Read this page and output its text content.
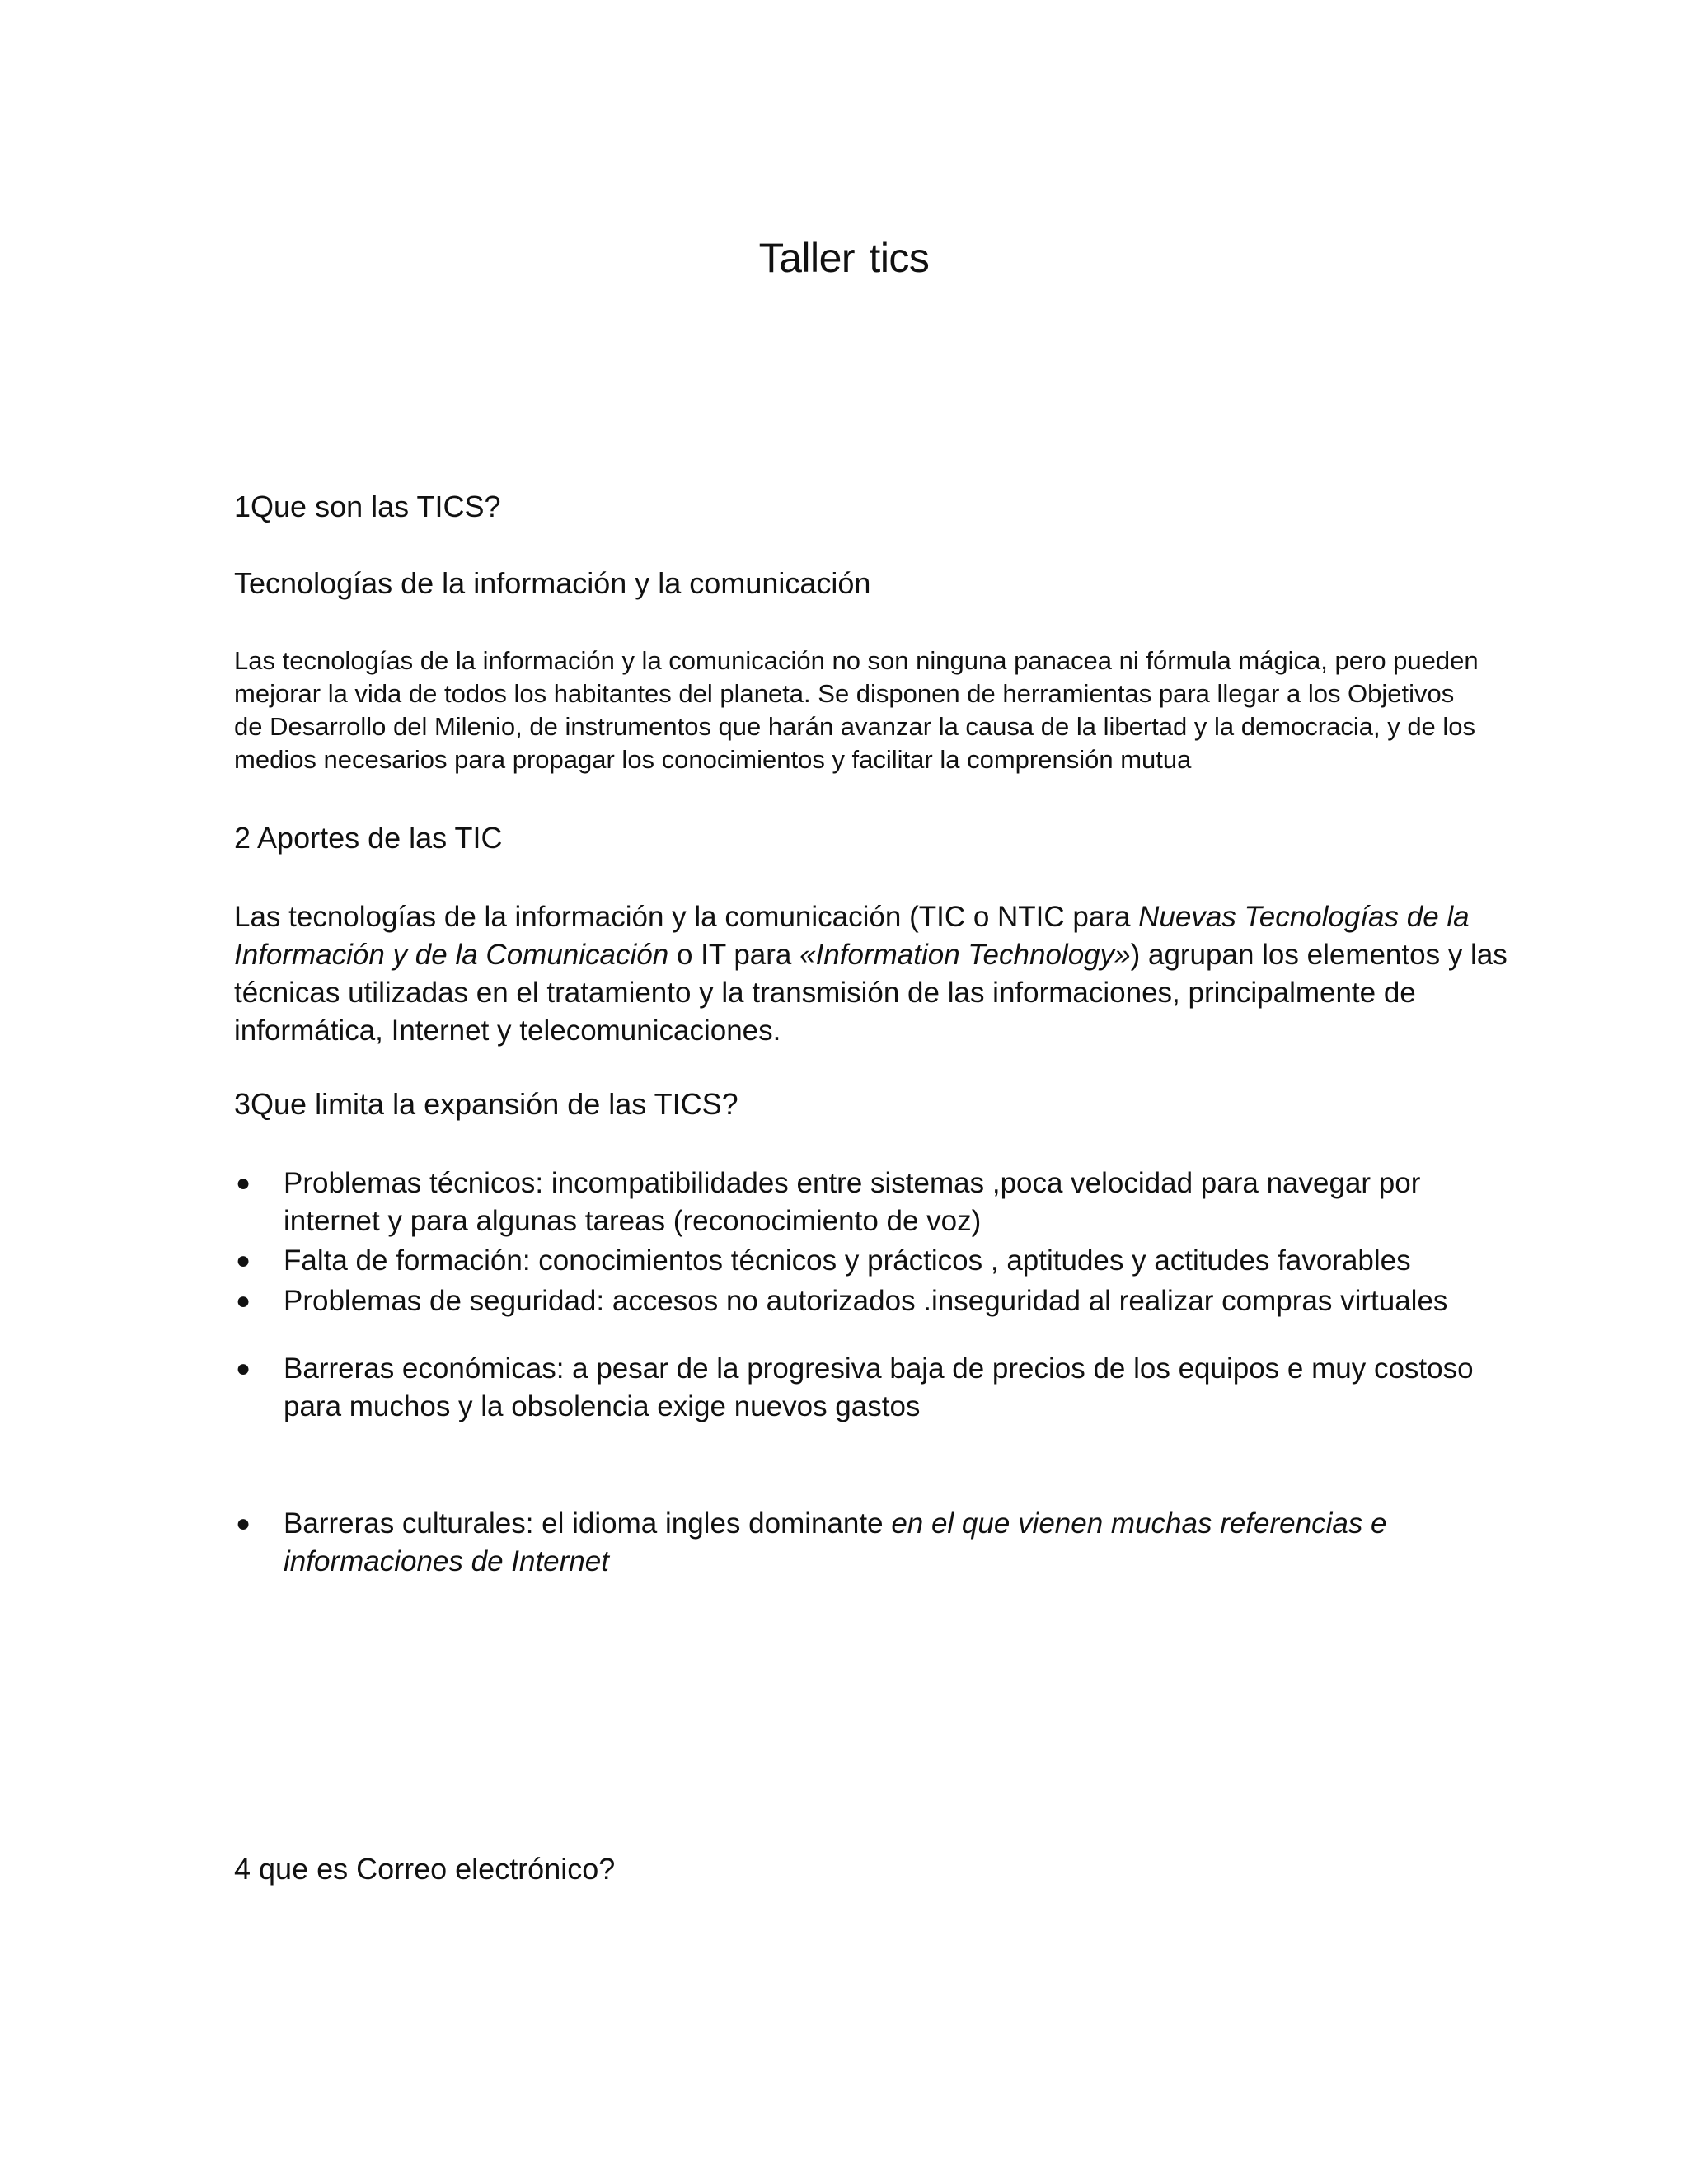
Taller tics
1Que son las TICS?
Tecnologías de la información y la comunicación
Las tecnologías de la información y la comunicación no son ninguna panacea ni fórmula mágica, pero pueden
mejorar la vida de todos los habitantes del planeta. Se disponen de herramientas para llegar a los Objetivos
de Desarrollo del Milenio, de instrumentos que harán avanzar la causa de la libertad y la democracia, y de los
medios necesarios para propagar los conocimientos y facilitar la comprensión mutua
2 Aportes de las TIC
Las tecnologías de la información y la comunicación (TIC o NTIC para Nuevas Tecnologías de la
Información y de la Comunicación o IT para «Information Technology») agrupan los elementos y las
técnicas utilizadas en el tratamiento y la transmisión de las informaciones, principalmente de
informática, Internet y telecomunicaciones.
3Que limita la expansión de las TICS?
● Problemas técnicos: incompatibilidades entre sistemas ,poca velocidad para navegar por
internet y para algunas tareas (reconocimiento de voz)
● Falta de formación: conocimientos técnicos y prácticos , aptitudes y actitudes favorables
● Problemas de seguridad: accesos no autorizados .inseguridad al realizar compras virtuales
● Barreras económicas: a pesar de la progresiva baja de precios de los equipos e muy costoso
para muchos y la obsolencia exige nuevos gastos
● Barreras culturales: el idioma ingles dominante en el que vienen muchas referencias e
informaciones de Internet
4 que es Correo electrónico?
